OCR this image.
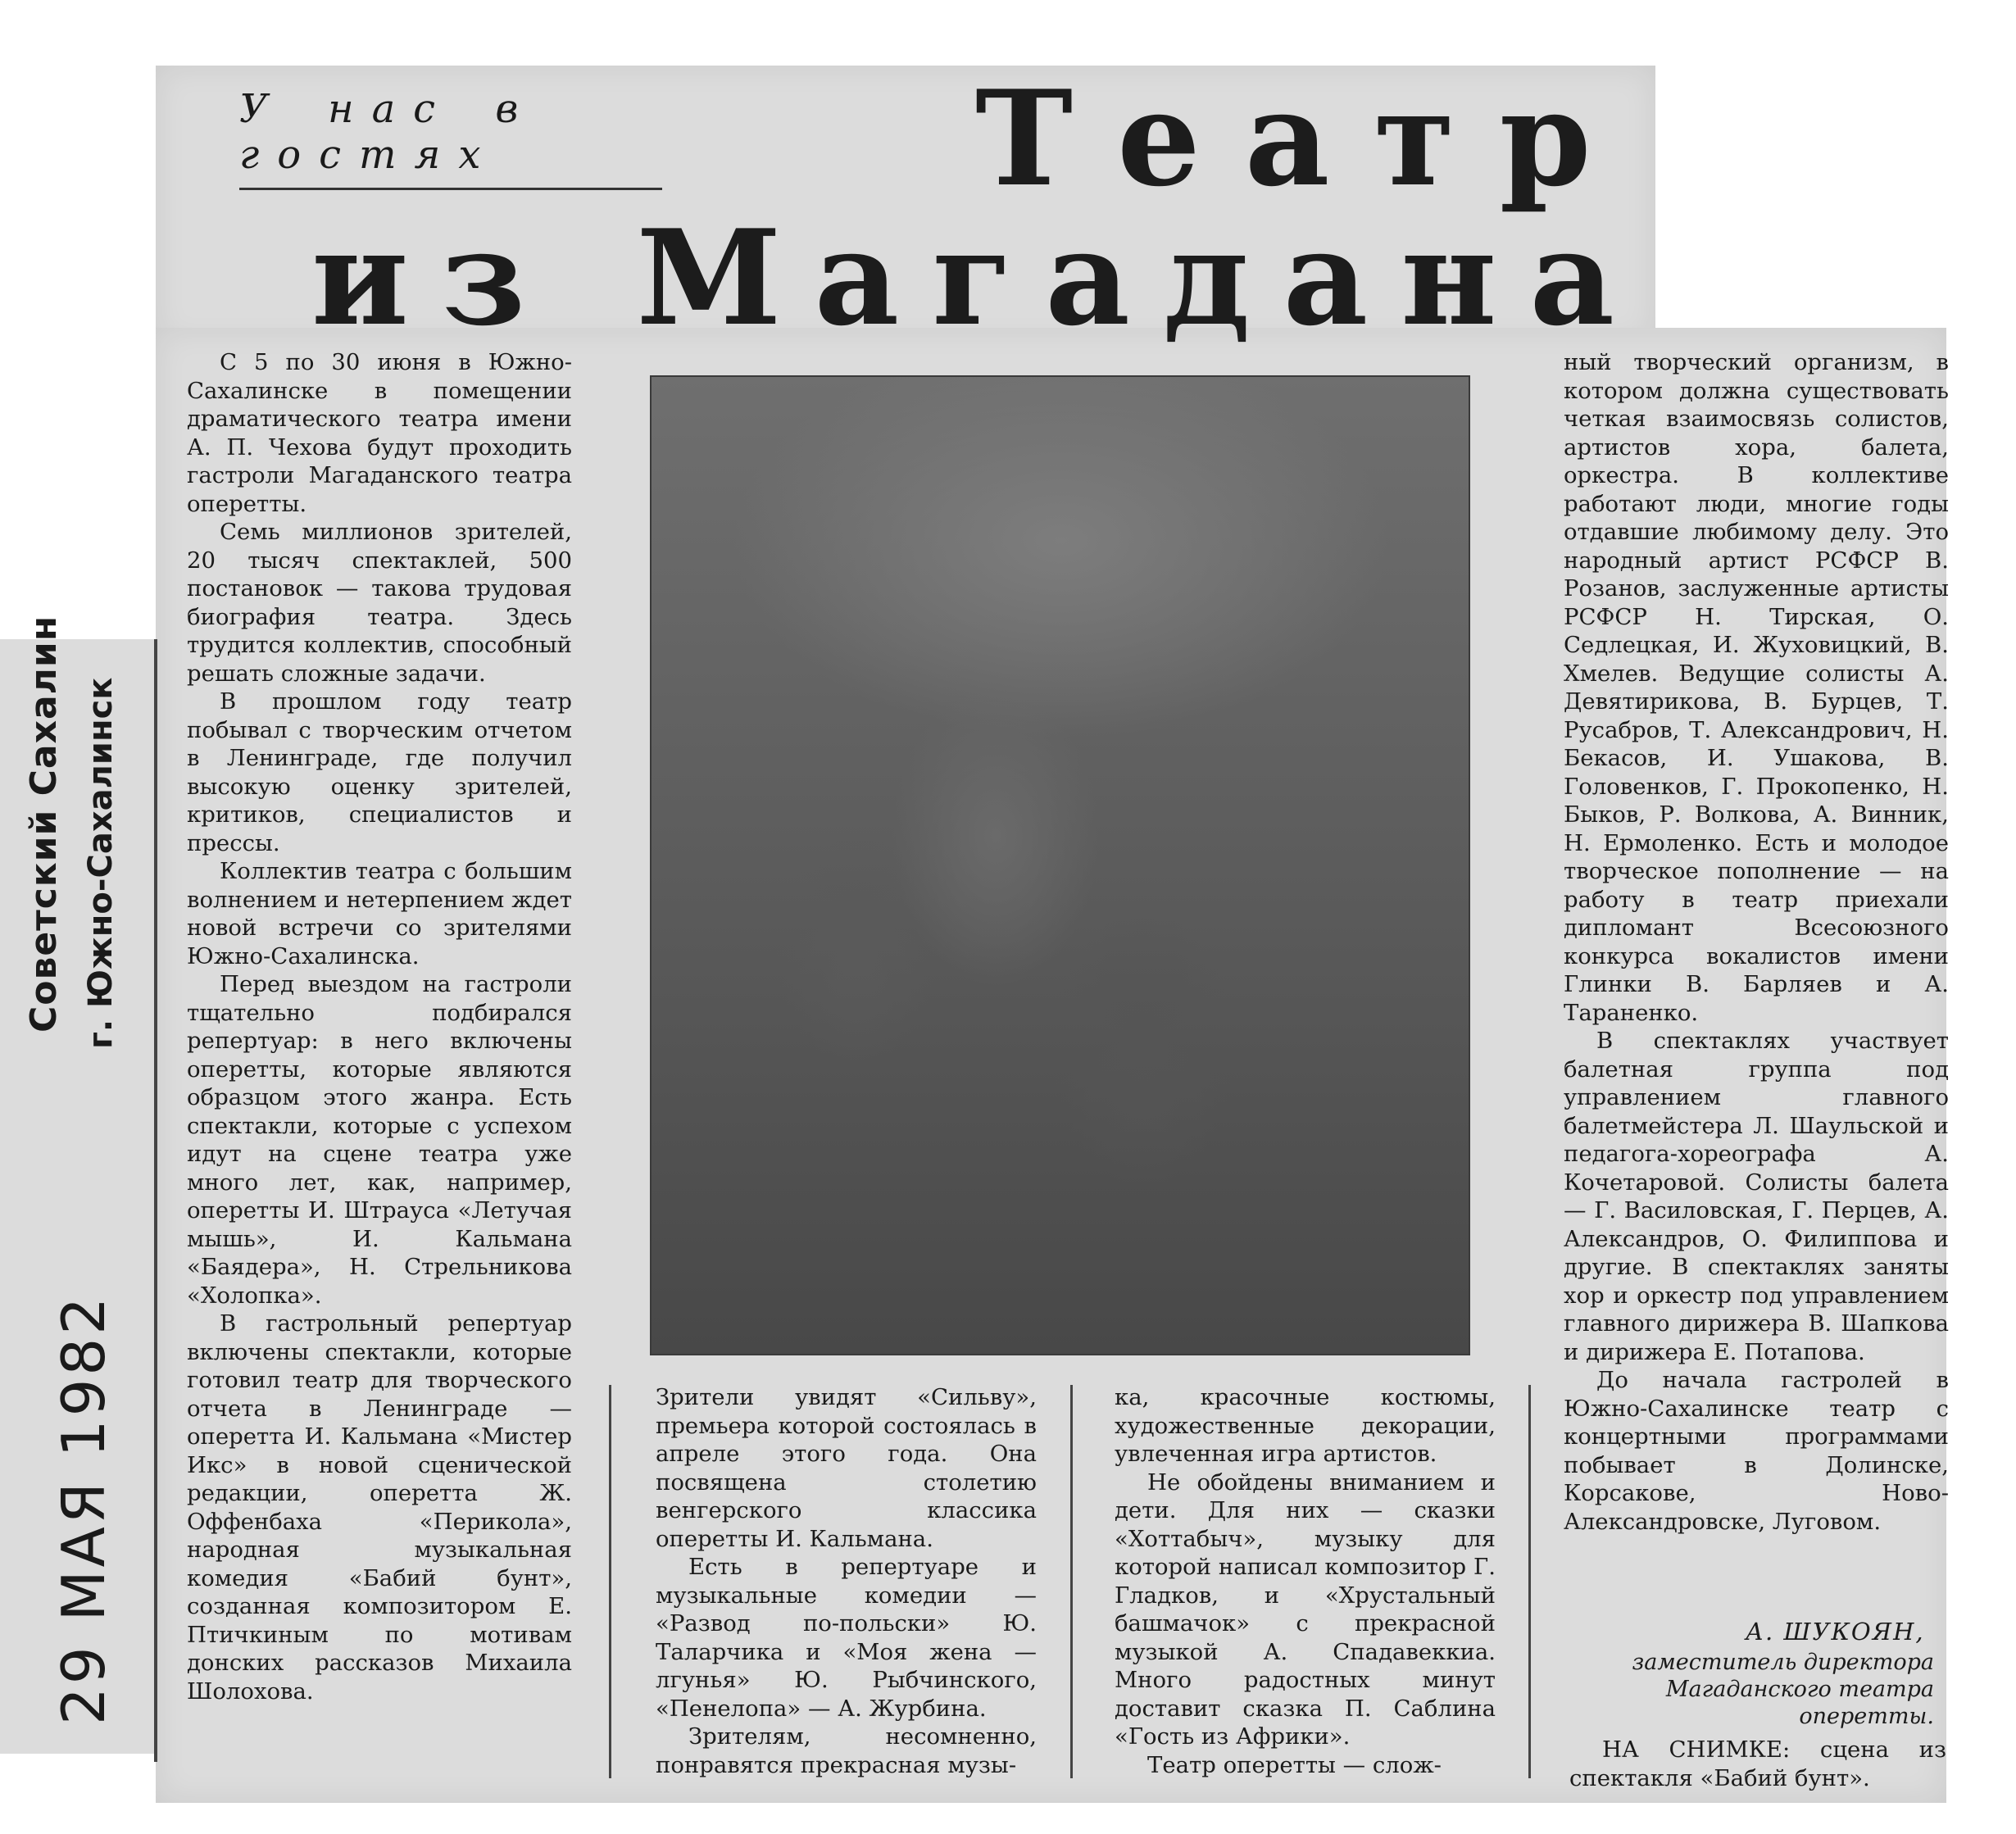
Советский Сахалин г. Южно-Сахалинск
29 МАЯ 1982
У нас в гостях	Театр
из Магадана

С 5 по 30 июня в Южно-Сахалинске в помещении драматического театра имени А. П. Чехова будут проходить гастроли Магаданского театра оперетты.

Семь миллионов зрителей, 20 тысяч спектаклей, 500 постановок — такова трудовая биография театра. Здесь трудится коллектив, способный решать сложные задачи.

В прошлом году театр побывал с творческим отчетом в Ленинграде, где получил высокую оценку зрителей, критиков, специалистов и прессы.

Коллектив театра с большим волнением и нетерпением ждет новой встречи со зрителями Южно-Сахалинска.

Перед выездом на гастроли тщательно подбирался репертуар: в него включены оперетты, которые являются образцом этого жанра. Есть спектакли, которые с успехом идут на сцене театра уже много лет, как, например, оперетты И. Штрауса «Летучая мышь», И. Кальмана «Баядера», Н. Стрельникова «Холопка».

В гастрольный репертуар включены спектакли, которые готовил театр для творческого отчета в Ленинграде — оперетта И. Кальмана «Мистер Икс» в новой сценической редакции, оперетта Ж. Оффенбаха «Перикола», народная музыкальная комедия «Бабий бунт», созданная композитором Е. Птичкиным по мотивам донских рассказов Михаила Шолохова.

Зрители увидят «Сильву», премьера которой состоялась в апреле этого года. Она посвящена столетию венгерского классика оперетты И. Кальмана.

Есть в репертуаре и музыкальные комедии — «Развод по-польски» Ю. Таларчика и «Моя жена — лгунья» Ю. Рыбчинского, «Пенелопа» — А. Журбина.

Зрителям, несомненно, понравятся прекрасная музы-

ка, красочные костюмы, художественные декорации, увлеченная игра артистов.

Не обойдены вниманием и дети. Для них — сказки «Хоттабыч», музыку для которой написал композитор Г. Гладков, и «Хрустальный башмачок» с прекрасной музыкой А. Спадавеккиа. Много радостных минут доставит сказка П. Саблина «Гость из Африки».

Театр оперетты — слож-

ный творческий организм, в котором должна существовать четкая взаимосвязь солистов, артистов хора, балета, оркестра. В коллективе работают люди, многие годы отдавшие любимому делу. Это народный артист РСФСР В. Розанов, заслуженные артисты РСФСР Н. Тирская, О. Седлецкая, И. Жуховицкий, В. Хмелев. Ведущие солисты А. Девятирикова, В. Бурцев, Т. Русабров, Т. Александрович, Н. Бекасов, И. Ушакова, В. Головенков, Г. Прокопенко, Н. Быков, Р. Волкова, А. Винник, Н. Ермоленко. Есть и молодое творческое пополнение — на работу в театр приехали дипломант Всесоюзного конкурса вокалистов имени Глинки В. Барляев и А. Тараненко.

В спектаклях участвует балетная группа под управлением главного балетмейстера Л. Шаульской и педагога-хореографа А. Кочетаровой. Солисты балета — Г. Василовская, Г. Перцев, А. Александров, О. Филиппова и другие. В спектаклях заняты хор и оркестр под управлением главного дирижера В. Шапкова и дирижера Е. Потапова.

До начала гастролей в Южно-Сахалинске театр с концертными программами побывает в Долинске, Корсакове, Ново-Александровске, Луговом.

А. ШУКОЯН,
заместитель директора Магаданского театра оперетты.
НА СНИМКЕ: сцена из спектакля «Бабий бунт».
